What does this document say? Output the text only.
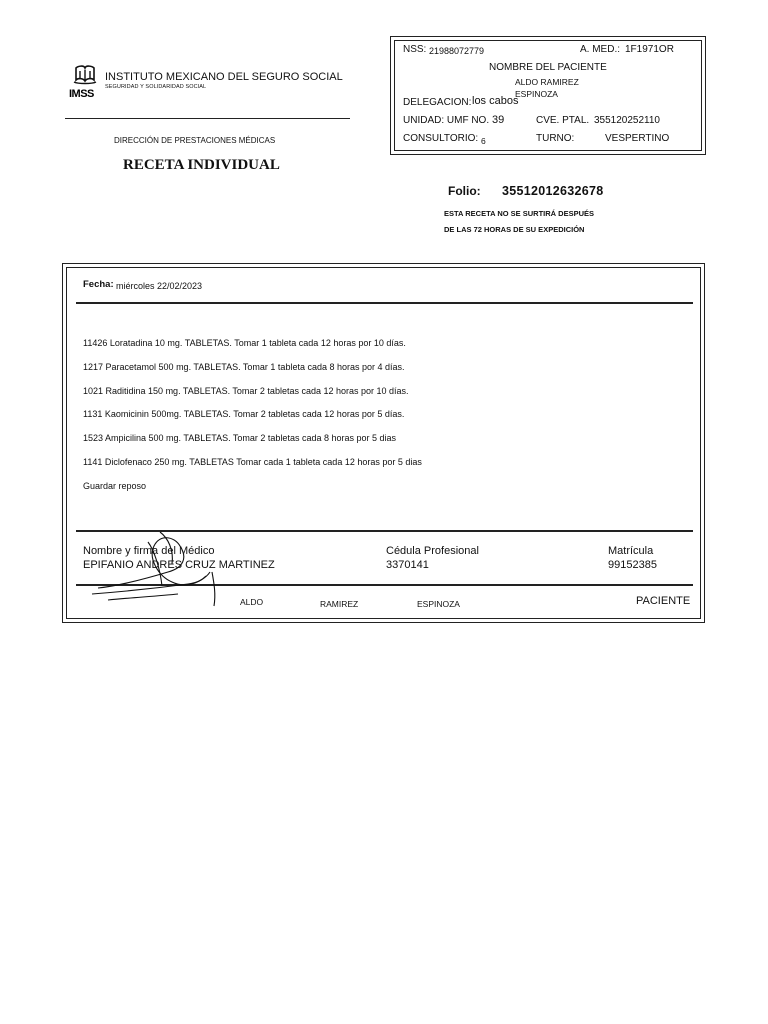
IMSS
INSTITUTO MEXICANO DEL SEGURO SOCIAL
SEGURIDAD Y SOLIDARIDAD SOCIAL
DIRECCIÓN DE PRESTACIONES MÉDICAS
RECETA INDIVIDUAL
NSS: 21988072779	A. MED.: 1F1971OR
NOMBRE DEL PACIENTE
ALDO RAMIREZ
ESPINOZA
DELEGACION: los cabos
UNIDAD: UMF NO. 39	CVE. PTAL. 355120252110
CONSULTORIO: 6	TURNO:	VESPERTINO
Folio: 35512012632678
ESTA RECETA NO SE SURTIRÁ DESPUÉS
DE LAS 72 HORAS DE SU EXPEDICIÓN
Fecha: miércoles 22/02/2023
11426 Loratadina 10 mg. TABLETAS. Tomar 1 tableta cada 12 horas por 10 días.
1217 Paracetamol 500 mg. TABLETAS. Tomar 1 tableta cada 8 horas por 4 días.
1021 Raditidina 150 mg. TABLETAS. Tomar 2 tabletas cada 12 horas por 10 días.
1131 Kaomicinin 500mg. TABLETAS. Tomar 2 tabletas cada 12 horas por 5 días.
1523 Ampicilina 500 mg. TABLETAS. Tomar 2 tabletas cada 8 horas por 5 dias
1141 Diclofenaco 250 mg. TABLETAS Tomar cada 1 tableta cada 12 horas por 5 dias
Guardar reposo
Nombre y firma del Médico
EPIFANIO ANDRES CRUZ MARTINEZ
Cédula Profesional
3370141
Matrícula
99152385
ALDO	RAMIREZ	ESPINOZA	PACIENTE
